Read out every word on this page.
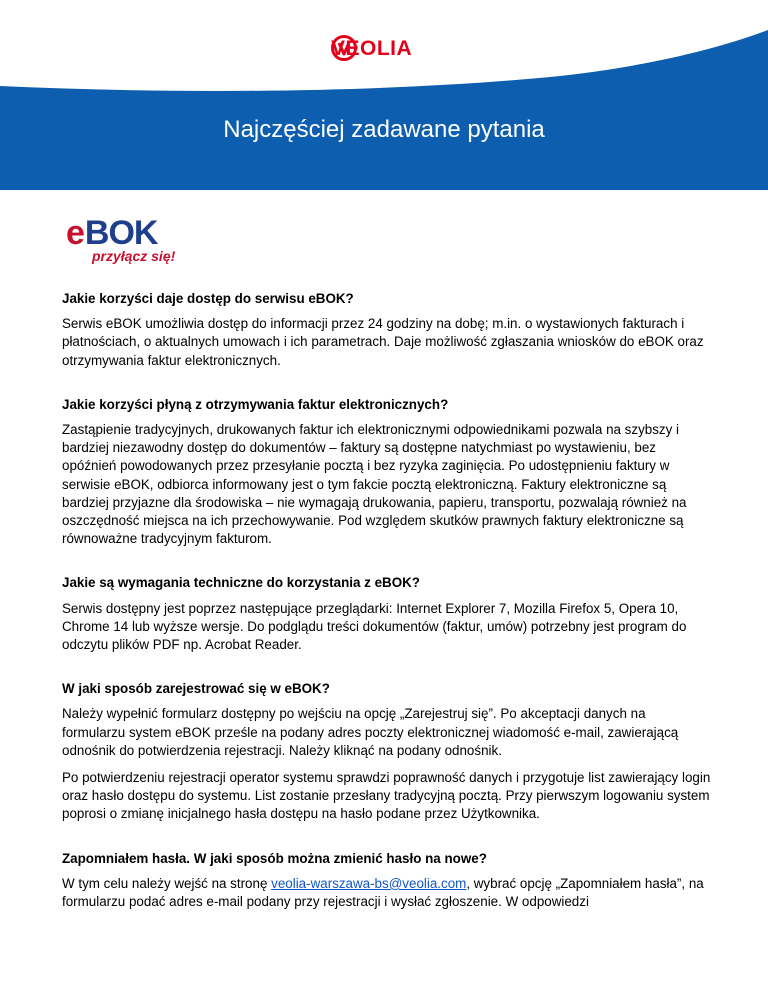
VEOLIA
Najczęściej zadawane pytania
e BOK
przyłącz się!

Jakie korzyści daje dostęp do serwisu eBOK?

Serwis eBOK umożliwia dostęp do informacji przez 24 godziny na dobę; m.in. o wystawionych fakturach i płatnościach, o aktualnych umowach i ich parametrach. Daje możliwość zgłaszania wniosków do eBOK oraz otrzymywania faktur elektronicznych.

Jakie korzyści płyną z otrzymywania faktur elektronicznych?

Zastąpienie tradycyjnych, drukowanych faktur ich elektronicznymi odpowiednikami pozwala na szybszy i bardziej niezawodny dostęp do dokumentów – faktury są dostępne natychmiast po wystawieniu, bez opóźnień powodowanych przez przesyłanie pocztą i bez ryzyka zaginięcia. Po udostępnieniu faktury w serwisie eBOK, odbiorca informowany jest o tym fakcie pocztą elektroniczną. Faktury elektroniczne są bardziej przyjazne dla środowiska – nie wymagają drukowania, papieru, transportu, pozwalają również na oszczędność miejsca na ich przechowywanie. Pod względem skutków prawnych faktury elektroniczne są równoważne tradycyjnym fakturom.

Jakie są wymagania techniczne do korzystania z eBOK?

Serwis dostępny jest poprzez następujące przeglądarki: Internet Explorer 7, Mozilla Firefox 5, Opera 10, Chrome 14 lub wyższe wersje. Do podglądu treści dokumentów (faktur, umów) potrzebny jest program do odczytu plików PDF np. Acrobat Reader.

W jaki sposób zarejestrować się w eBOK?

Należy wypełnić formularz dostępny po wejściu na opcję „Zarejestruj się”. Po akceptacji danych na formularzu system eBOK prześle na podany adres poczty elektronicznej wiadomość e-mail, zawierającą odnośnik do potwierdzenia rejestracji. Należy kliknąć na podany odnośnik.

Po potwierdzeniu rejestracji operator systemu sprawdzi poprawność danych i przygotuje list zawierający login oraz hasło dostępu do systemu. List zostanie przesłany tradycyjną pocztą. Przy pierwszym logowaniu system poprosi o zmianę inicjalnego hasła dostępu na hasło podane przez Użytkownika.

Zapomniałem hasła. W jaki sposób można zmienić hasło na nowe?

W tym celu należy wejść na stronę veolia-warszawa-bs@veolia.com, wybrać opcję „Zapomniałem hasła”, na formularzu podać adres e-mail podany przy rejestracji i wysłać zgłoszenie. W odpowiedzi
